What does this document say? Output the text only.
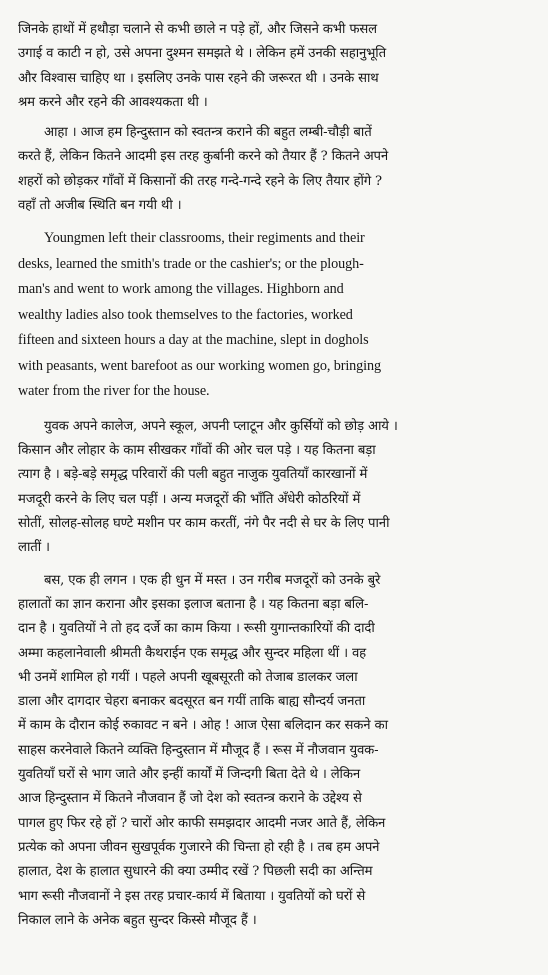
जिनके हाथों में हथौड़ा चलाने से कभी छाले न पड़े हों, और जिसने कभी फसल
उगाई व काटी न हो, उसे अपना दुश्मन समझते थे । लेकिन हमें उनकी सहानुभूति
और विश्वास चाहिए था । इसलिए उनके पास रहने की जरूरत थी । उनके साथ
श्रम करने और रहने की आवश्यकता थी ।

आहा । आज हम हिन्दुस्तान को स्वतन्त्र कराने की बहुत लम्बी-चौड़ी बातें
करते हैं, लेकिन कितने आदमी इस तरह कुर्बानी करने को तैयार हैं ? कितने अपने
शहरों को छोड़कर गाँवों में किसानों की तरह गन्दे-गन्दे रहने के लिए तैयार होंगे ?
वहाँ तो अजीब स्थिति बन गयी थी ।

Youngmen left their classrooms, their regiments and their
desks, learned the smith's trade or the cashier's; or the plough-
man's and went to work among the villages. Highborn and
wealthy ladies also took themselves to the factories, worked
fifteen and sixteen hours a day at the machine, slept in doghols
with peasants, went barefoot as our working women go, bringing
water from the river for the house.

युवक अपने कालेज, अपने स्कूल, अपनी प्लाटून और कुर्सियों को छोड़ आये ।
किसान और लोहार के काम सीखकर गाँवों की ओर चल पड़े । यह कितना बड़ा
त्याग है । बड़े-बड़े समृद्ध परिवारों की पली बहुत नाजुक युवतियाँ कारखानों में
मजदूरी करने के लिए चल पड़ीं । अन्य मजदूरों की भाँति अँधेरी कोठरियों में
सोतीं, सोलह-सोलह घण्टे मशीन पर काम करतीं, नंगे पैर नदी से घर के लिए पानी
लातीं ।

बस, एक ही लगन । एक ही धुन में मस्त । उन गरीब मजदूरों को उनके बुरे
हालातों का ज्ञान कराना और इसका इलाज बताना है । यह कितना बड़ा बलि-
दान है । युवतियों ने तो हद दर्जे का काम किया । रूसी युगान्तकारियों की दादी
अम्मा कहलानेवाली श्रीमती कैथराईन एक समृद्ध और सुन्दर महिला थीं । वह
भी उनमें शामिल हो गयीं । पहले अपनी खूबसूरती को तेजाब डालकर जला
डाला और दागदार चेहरा बनाकर बदसूरत बन गयीं ताकि बाह्य सौन्दर्य जनता
में काम के दौरान कोई रुकावट न बने । ओह ! आज ऐसा बलिदान कर सकने का
साहस करनेवाले कितने व्यक्ति हिन्दुस्तान में मौजूद हैं । रूस में नौजवान युवक-
युवतियाँ घरों से भाग जाते और इन्हीं कार्यों में जिन्दगी बिता देते थे । लेकिन
आज हिन्दुस्तान में कितने नौजवान हैं जो देश को स्वतन्त्र कराने के उद्देश्य से
पागल हुए फिर रहे हों ? चारों ओर काफी समझदार आदमी नजर आते हैं, लेकिन
प्रत्येक को अपना जीवन सुखपूर्वक गुजारने की चिन्ता हो रही है । तब हम अपने
हालात, देश के हालात सुधारने की क्या उम्मीद रखें ? पिछली सदी का अन्तिम
भाग रूसी नौजवानों ने इस तरह प्रचार-कार्य में बिताया । युवतियों को घरों से
निकाल लाने के अनेक बहुत सुन्दर किस्से मौजूद हैं ।
